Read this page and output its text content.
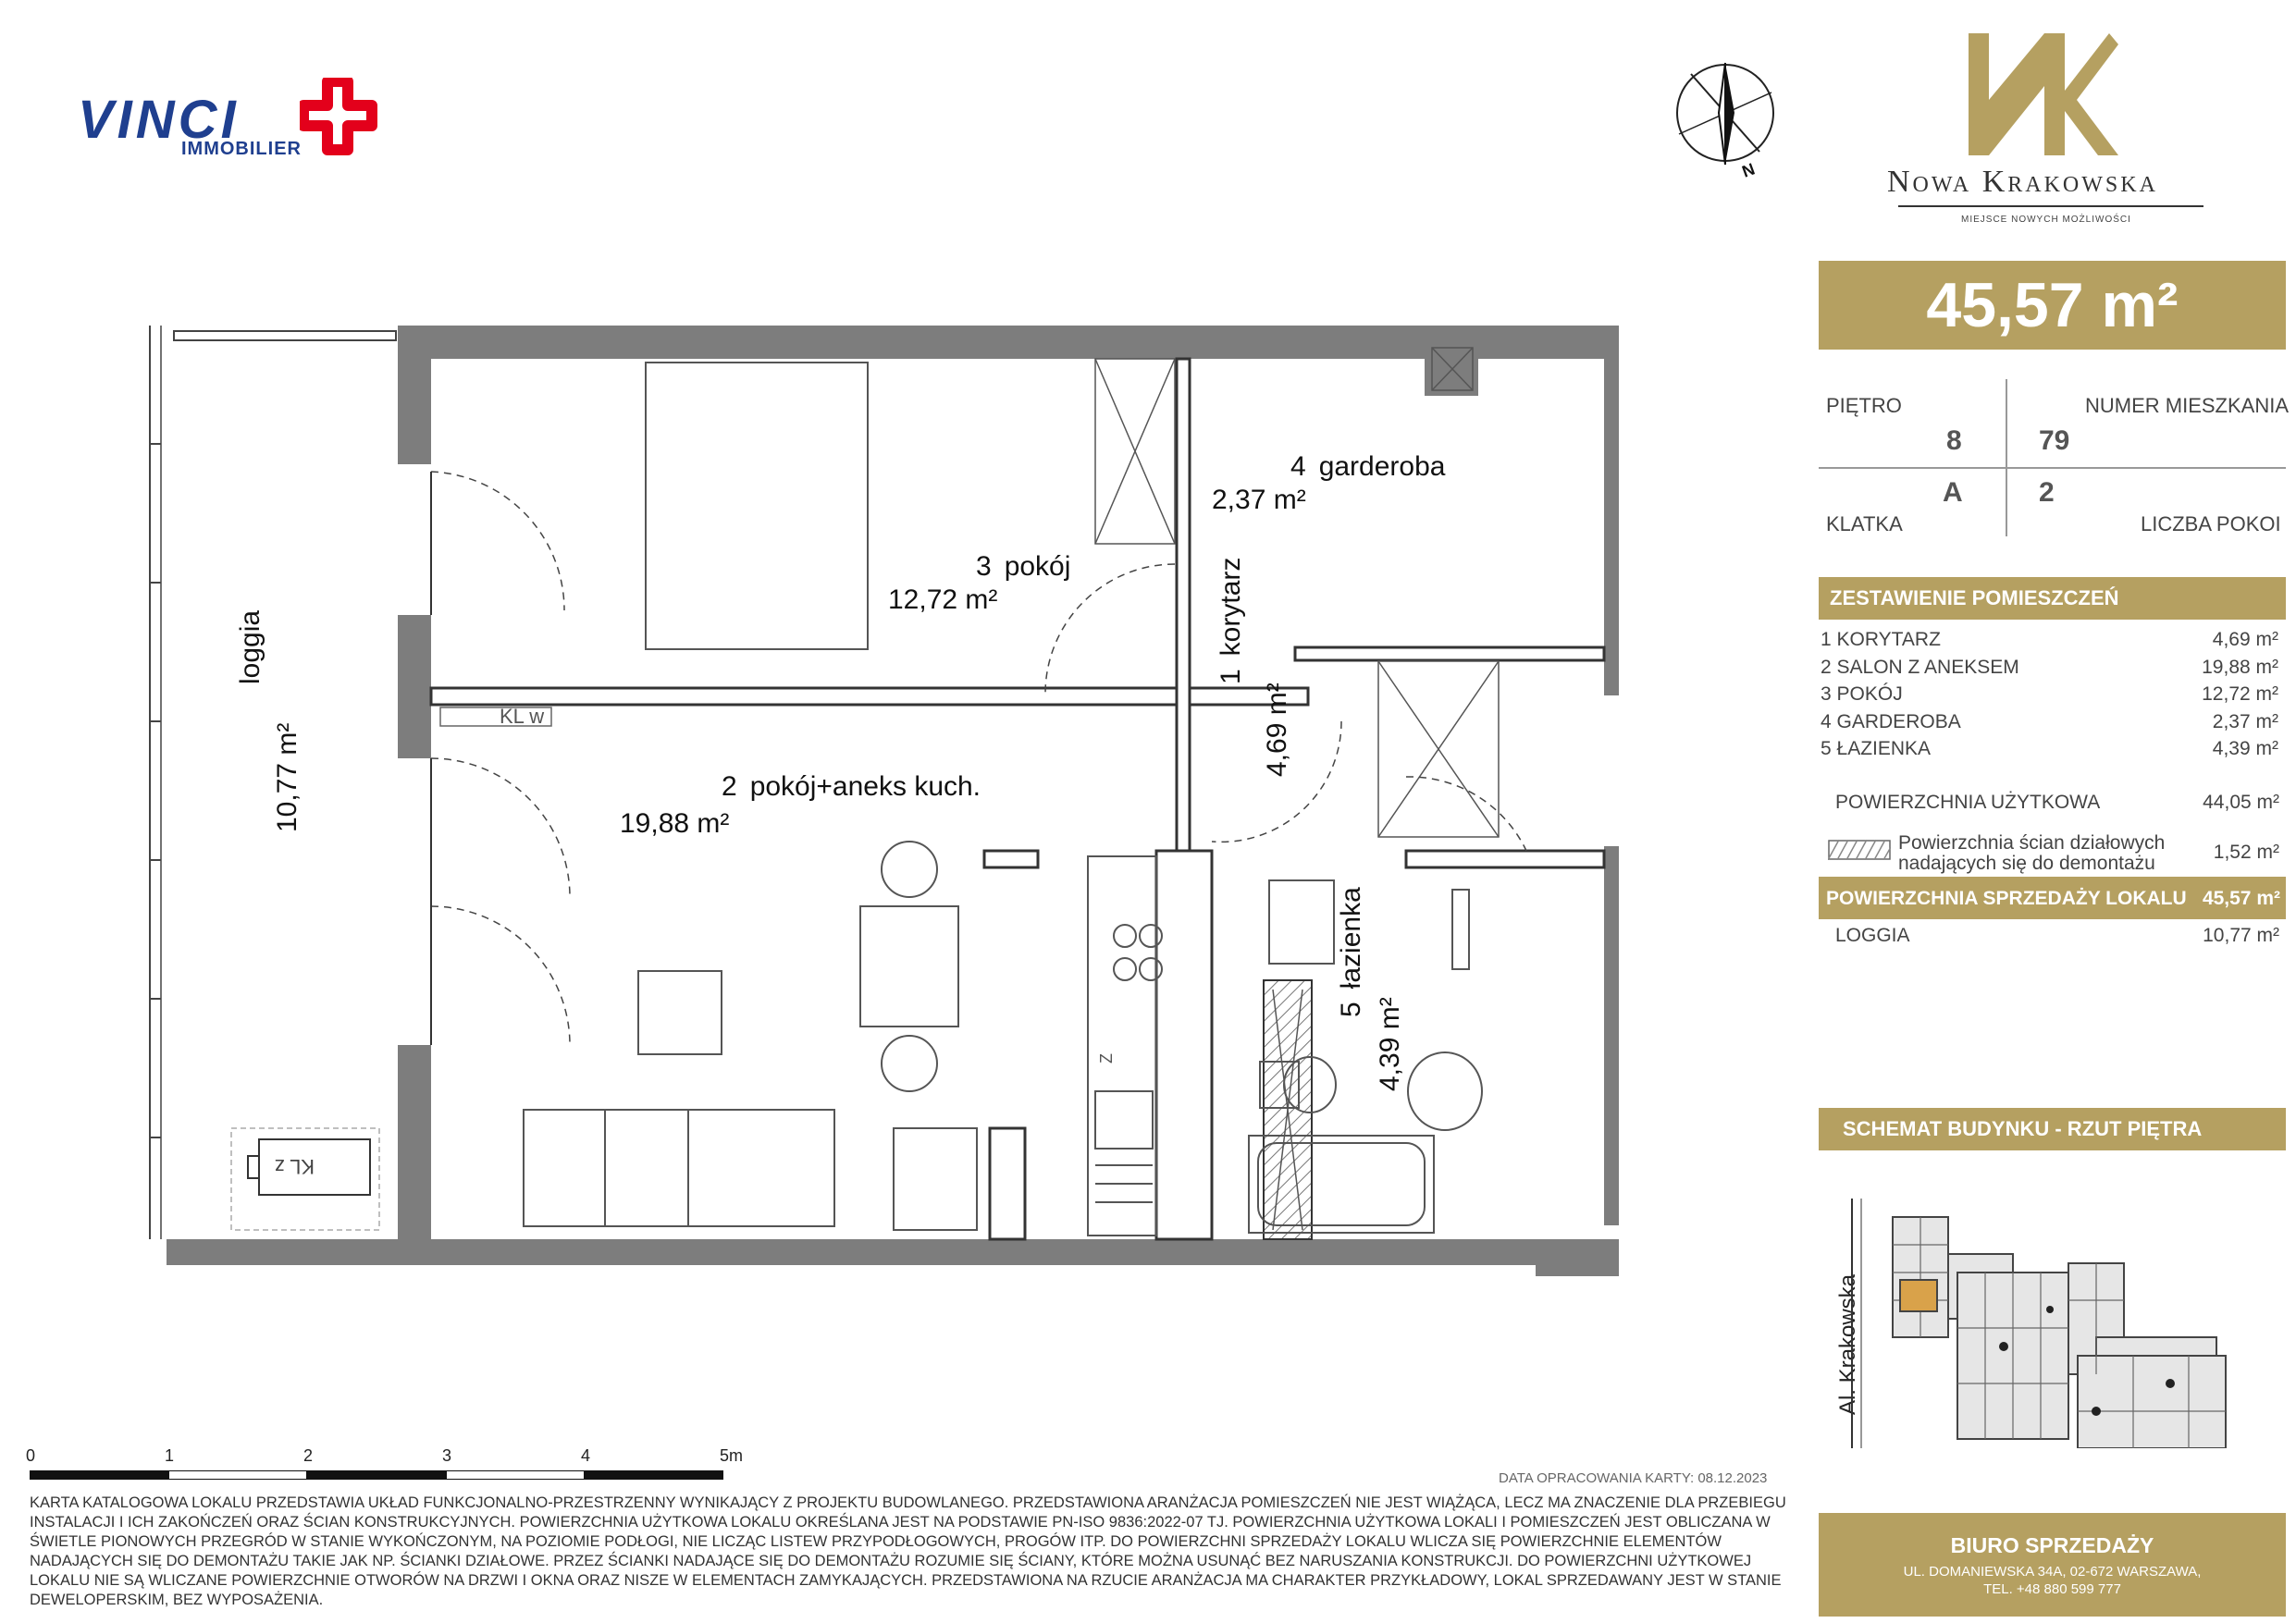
VINCI
IMMOBILIER
N	Nowa Krakowska
MIEJSCE NOWYCH MOŻLIWOŚCI
45,57 m²
PIĘTRO
8
NUMER MIESZKANIA
79
A	2
KLATKA	LICZBA POKOI
ZESTAWIENIE POMIESZCZEŃ
1 KORYTARZ	4,69 m²
2 SALON Z ANEKSEM	19,88 m²
3 POKÓJ	12,72 m²
4 GARDEROBA	2,37 m²
5 ŁAZIENKA	4,39 m²
POWIERZCHNIA UŻYTKOWA	44,05 m²
Powierzchnia ścian działowych
nadających się do demontażu
1,52 m²
POWIERZCHNIA SPRZEDAŻY LOKALU 45,57 m²
LOGGIA	10,77 m²
SCHEMAT BUDYNKU - RZUT PIĘTRA
Al. Krakowska
1korytarz
4,69 m²
2 pokój+aneks kuch.
19,88 m²
3 pokój
12,72 m²
4 garderoba
2,37 m²
5łazienka
4,39 m²
loggia
10,77 m²
KL w
KL z
Z
0	1	2	3	4	5m
DATA OPRACOWANIA KARTY: 08.12.2023
KARTA KATALOGOWA LOKALU PRZEDSTAWIA UKŁAD FUNKCJONALNO-PRZESTRZENNY WYNIKAJĄCY Z PROJEKTU BUDOWLANEGO. PRZEDSTAWIONA ARANŻACJA POMIESZCZEŃ NIE JEST WIĄŻĄCA, LECZ MA ZNACZENIE DLA PRZEBIEGU INSTALACJI I ICH ZAKOŃCZEŃ ORAZ ŚCIAN KONSTRUKCYJNYCH. POWIERZCHNIA UŻYTKOWA LOKALU OKREŚLANA JEST NA PODSTAWIE PN-ISO 9836:2022-07 TJ. POWIERZCHNIA UŻYTKOWA LOKALI I POMIESZCZEŃ JEST OBLICZANA W ŚWIETLE PIONOWYCH PRZEGRÓD W STANIE WYKOŃCZONYM, NA POZIOMIE PODŁOGI, NIE LICZĄC LISTEW PRZYPODŁOGOWYCH, PROGÓW ITP. DO POWIERZCHNI SPRZEDAŻY LOKALU WLICZA SIĘ POWIERZCHNIE ELEMENTÓW NADAJĄCYCH SIĘ DO DEMONTAŻU TAKIE JAK NP. ŚCIANKI DZIAŁOWE. PRZEZ ŚCIANKI NADAJĄCE SIĘ DO DEMONTAŻU ROZUMIE SIĘ ŚCIANY, KTÓRE MOŻNA USUNĄĆ BEZ NARUSZANIA KONSTRUKCJI. DO POWIERZCHNI UŻYTKOWEJ LOKALU NIE SĄ WLICZANE POWIERZCHNIE OTWORÓW NA DRZWI I OKNA ORAZ NISZE W ELEMENTACH ZAMYKAJĄCYCH. PRZEDSTAWIONA NA RZUCIE ARANŻACJA MA CHARAKTER PRZYKŁADOWY, LOKAL SPRZEDAWANY JEST W STANIE DEWELOPERSKIM, BEZ WYPOSAŻENIA.
BIURO SPRZEDAŻY
UL. DOMANIEWSKA 34A, 02-672 WARSZAWA,
TEL. +48 880 599 777
